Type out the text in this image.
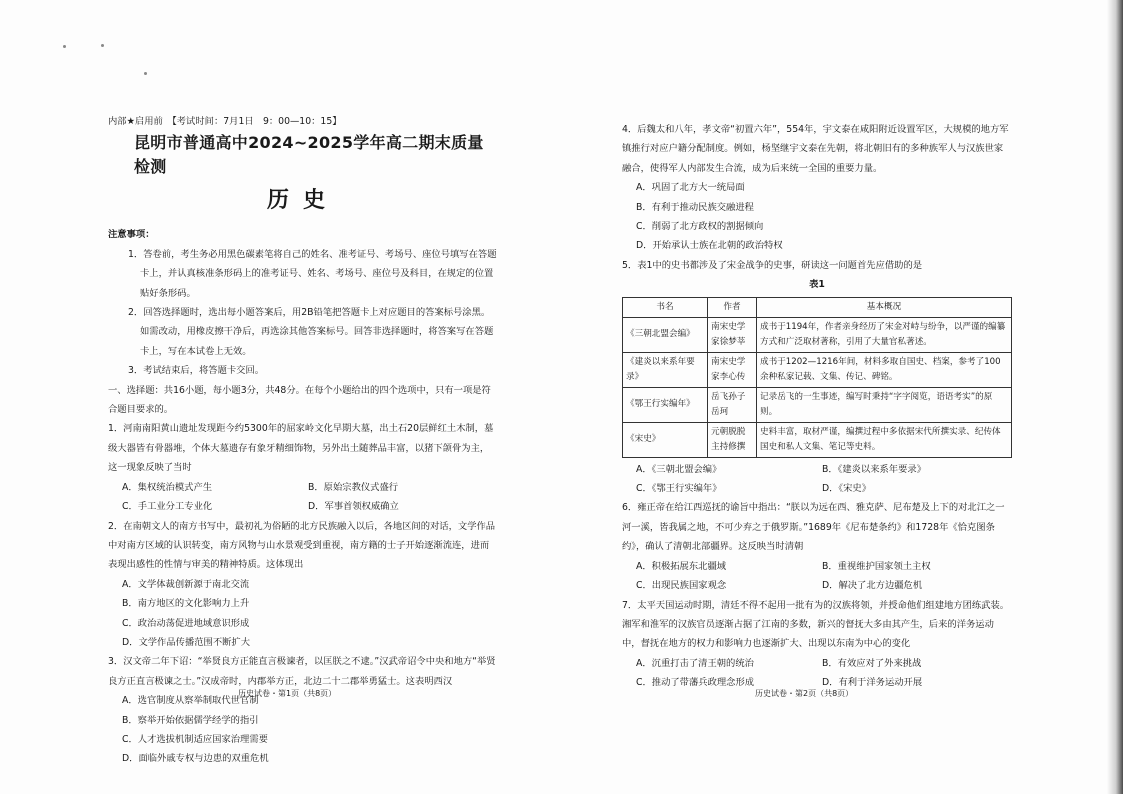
内部★启用前　【考试时间：7月1日　9：00—10：15】
昆明市普通高中2024~2025学年高二期末质量检测
历史
注意事项：
1．答卷前，考生务必用黑色碳素笔将自己的姓名、准考证号、考场号、座位号填写在答题卡上，并认真核准条形码上的准考证号、姓名、考场号、座位号及科目，在规定的位置贴好条形码。
2．回答选择题时，选出每小题答案后，用2B铅笔把答题卡上对应题目的答案标号涂黑。如需改动，用橡皮擦干净后，再选涂其他答案标号。回答非选择题时，将答案写在答题卡上，写在本试卷上无效。
3．考试结束后，将答题卡交回。
一、选择题：共16小题，每小题3分，共48分。在每个小题给出的四个选项中，只有一项是符合题目要求的。
1．河南南阳黄山遗址发现距今约5300年的屈家岭文化早期大墓，出土石20层鲜红土木制，墓级大器皆有骨器堆，个体大墓遗存有象牙精细饰物，另外出土随葬品丰富，以猪下颌骨为主，这一现象反映了当时
A．集权统治模式产生	B．原始宗教仪式盛行
C．手工业分工专业化	D．军事首领权威确立
2．在南朝文人的南方书写中，最初礼为俗陋的北方民族融入以后，各地区间的对话，文学作品中对南方区域的认识转变，南方风物与山水景观受到重视，南方籍的士子开始逐渐流连，进而表现出感性的性情与审美的精神特质。这体现出
A．文学体裁创新源于南北交流
B．南方地区的文化影响力上升
C．政治动荡促进地域意识形成
D．文学作品传播范围不断扩大
3．汉文帝二年下诏：“举贤良方正能直言极谏者，以匡朕之不逮。”汉武帝诏令中央和地方“举贤良方正直言极谏之士。”汉成帝时，内郡举方正，北边二十二郡举勇猛士。这表明西汉
A．选官制度从察举制取代世官制
B．察举开始依据儒学经学的指引
C．人才选拔机制适应国家治理需要
D．面临外戚专权与边患的双重危机
4．后魏太和八年，孝文帝“初置六年”，554年，宇文泰在咸阳附近设置军区，大规模的地方军镇推行对应户籍分配制度。例如，杨坚继宇文泰在先朝，将北朝旧有的多种族军人与汉族世家融合，使得军人内部发生合流，成为后来统一全国的重要力量。
A．巩固了北方大一统局面
B．有利于推动民族交融进程
C．削弱了北方政权的割据倾向
D．开始承认士族在北朝的政治特权
5．表1中的史书都涉及了宋金战争的史事，研读这一问题首先应借助的是
表1
书名	作者	基本概况
《三朝北盟会编》	南宋史学家徐梦莘	成书于1194年，作者亲身经历了宋金对峙与纷争，以严谨的编纂方式和广泛取材著称，引用了大量官私著述。
《建炎以来系年要录》	南宋史学家李心传	成书于1202—1216年间，材料多取自国史、档案，参考了100余种私家记载、文集、传记、碑铭。
《鄂王行实编年》	岳飞孙子岳珂	记录岳飞的一生事迹，编写时秉持“字字阅览，语语考实”的原则。
《宋史》	元朝脱脱主持修撰	史料丰富，取材严谨，编撰过程中多依据宋代所撰实录、纪传体国史和私人文集、笔记等史料。
A．《三朝北盟会编》	B．《建炎以来系年要录》
C．《鄂王行实编年》	D．《宋史》
6．雍正帝在给江西巡抚的谕旨中指出：“朕以为远在西、雅克萨、尼布楚及上下的对北江之一河一溪，皆我属之地，不可少弃之于俄罗斯。”1689年《尼布楚条约》和1728年《恰克图条约》，确认了清朝北部疆界。这反映当时清朝
A．积极拓展东北疆域	B．重视维护国家领土主权
C．出现民族国家观念	D．解决了北方边疆危机
7．太平天国运动时期，清廷不得不起用一批有为的汉族将领，并授命他们组建地方团练武装。湘军和淮军的汉族官员逐渐占据了江南的多数，新兴的督抚大多由其产生，后来的洋务运动中，督抚在地方的权力和影响力也逐渐扩大、出现以东南为中心的变化
A．沉重打击了清王朝的统治	B．有效应对了外来挑战
C．推动了带藩兵政理念形成	D．有利于洋务运动开展
历史试卷・第1页（共8页）	历史试卷・第2页（共8页）
